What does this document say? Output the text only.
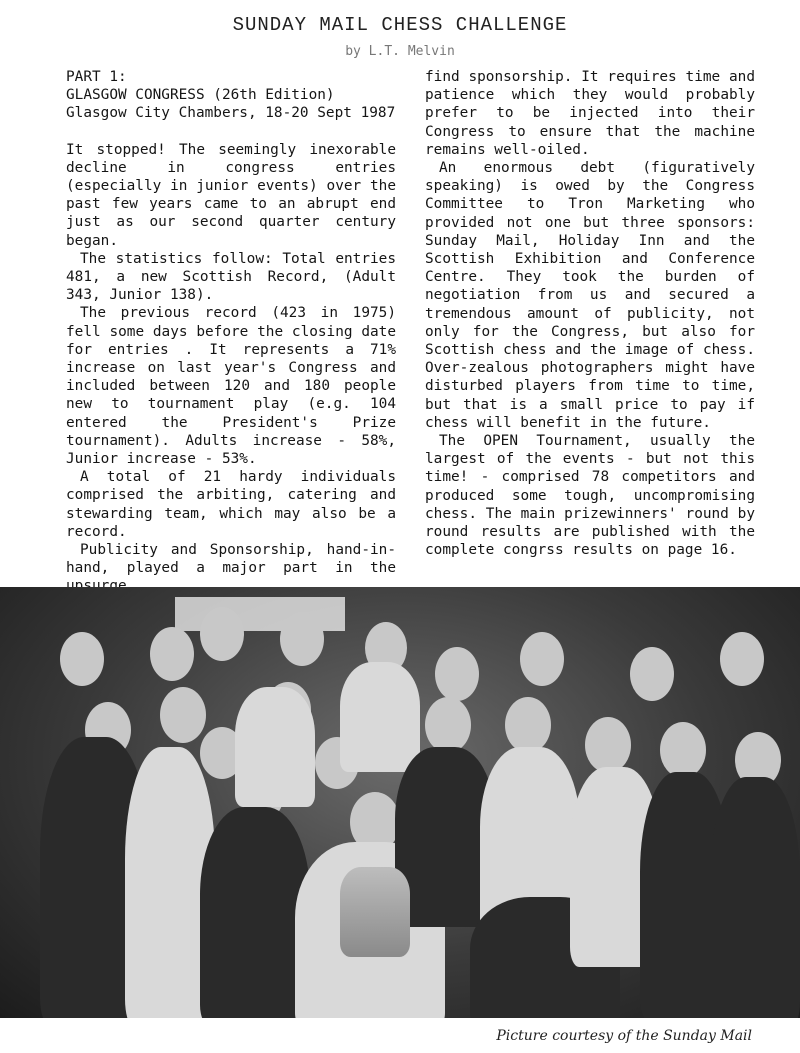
SUNDAY MAIL CHESS CHALLENGE
by L.T. Melvin

PART 1:

GLASGOW CONGRESS (26th Edition)

Glasgow City Chambers, 18-20 Sept 1987

It stopped! The seemingly inexorable decline in congress entries (especially in junior events) over the past few years came to an abrupt end just as our second quarter century began.

The statistics follow: Total entries 481, a new Scottish Record, (Adult 343, Junior 138).

The previous record (423 in 1975) fell some days before the closing date for entries . It represents a 71% increase on last year's Congress and included between 120 and 180 people new to tournament play (e.g. 104 entered the President's Prize tournament). Adults increase - 58%, Junior increase - 53%.

A total of 21 hardy individuals comprised the arbiting, catering and stewarding team, which may also be a record.

Publicity and Sponsorship, hand-in-hand, played a major part in the

find sponsorship. It requires time and patience which they would probably prefer to be injected into their Congress to ensure that the machine remains well-oiled.

An enormous debt (figuratively speaking) is owed by the Congress Committee to Tron Marketing who provided not one but three sponsors: Sunday Mail, Holiday Inn and the Scottish Exhibition and Conference Centre. They took the burden of negotiation from us and secured a tremendous amount of publicity, not only for the Congress, but also for Scottish chess and the image of chess. Over-zealous photographers might have disturbed players from time to time, but that is a small price to pay if chess will benefit in the future.

The OPEN Tournament, usually the largest of the events - but not this time! - comprised 78 competitors and produced some tough, uncompromising chess. The main prizewinners' round by round results are published with the complete congrss results on page 16.

Picture courtesy of the Sunday Mail
